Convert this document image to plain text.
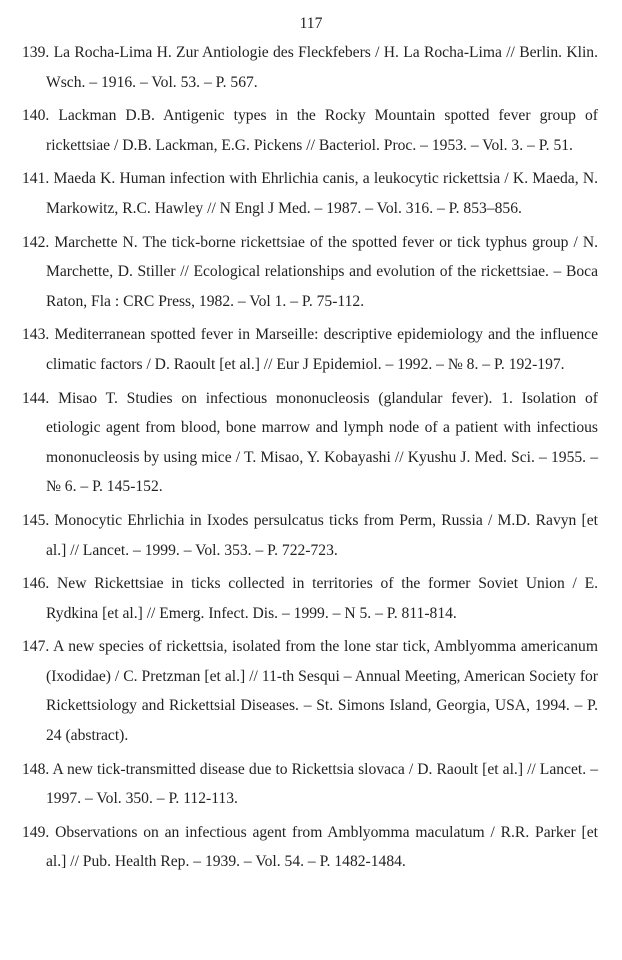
117
139. La Rocha-Lima H. Zur Antiologie des Fleckfebers / H. La Rocha-Lima // Berlin. Klin. Wsch. – 1916. – Vol. 53. – P. 567.
140. Lackman D.B. Antigenic types in the Rocky Mountain spotted fever group of rickettsiae / D.B. Lackman, E.G. Pickens // Bacteriol. Proc. – 1953. – Vol. 3. – P. 51.
141. Maeda K. Human infection with Ehrlichia canis, a leukocytic rickettsia / K. Maeda, N. Markowitz, R.C. Hawley // N Engl J Med. – 1987. – Vol. 316. – P. 853–856.
142. Marchette N. The tick-borne rickettsiae of the spotted fever or tick typhus group / N. Marchette, D. Stiller // Ecological relationships and evolution of the rickettsiae. – Boca Raton, Fla : CRC Press, 1982. – Vol 1. – P. 75-112.
143. Mediterranean spotted fever in Marseille: descriptive epidemiology and the influence climatic factors / D. Raoult [et al.] // Eur J Epidemiol. – 1992. – № 8. – P. 192-197.
144. Misao T. Studies on infectious mononucleosis (glandular fever). 1. Isolation of etiologic agent from blood, bone marrow and lymph node of a patient with infectious mononucleosis by using mice / T. Misao, Y. Kobayashi // Kyushu J. Med. Sci. – 1955. – № 6. – P. 145-152.
145. Monocytic Ehrlichia in Ixodes persulcatus ticks from Perm, Russia / M.D. Ravyn [et al.] // Lancet. – 1999. – Vol. 353. – P. 722-723.
146. New Rickettsiae in ticks collected in territories of the former Soviet Union / E. Rydkina [et al.] // Emerg. Infect. Dis. – 1999. – N 5. – P. 811-814.
147. A new species of rickettsia, isolated from the lone star tick, Amblyomma americanum (Ixodidae) / C. Pretzman [et al.] // 11-th Sesqui – Annual Meeting, American Society for Rickettsiology and Rickettsial Diseases. – St. Simons Island, Georgia, USA, 1994. – P. 24 (abstract).
148. A new tick-transmitted disease due to Rickettsia slovaca / D. Raoult [et al.] // Lancet. – 1997. – Vol. 350. – P. 112-113.
149. Observations on an infectious agent from Amblyomma maculatum / R.R. Parker [et al.] // Pub. Health Rep. – 1939. – Vol. 54. – P. 1482-1484.
